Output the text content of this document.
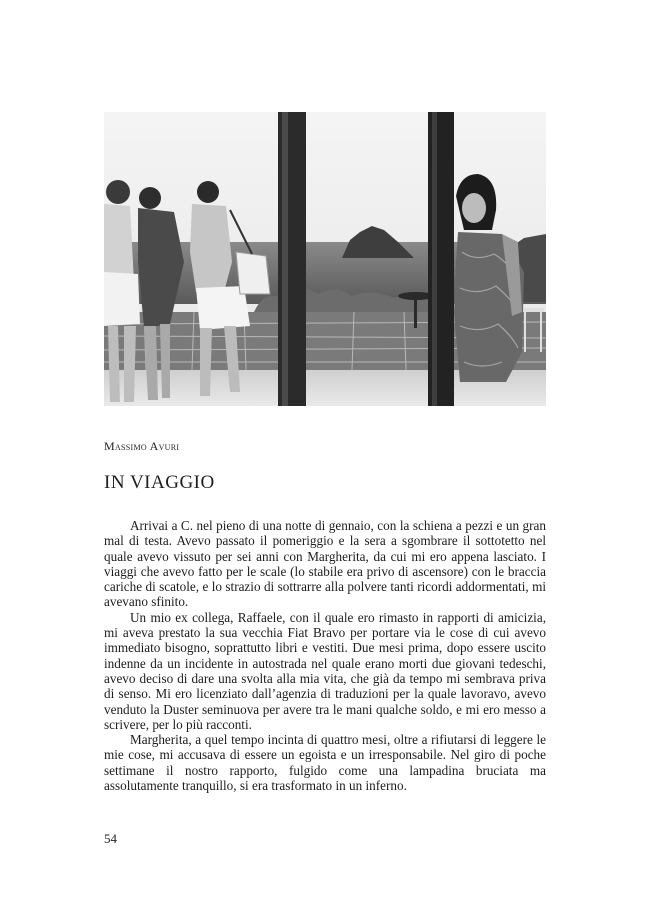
Massimo Avuri
IN VIAGGIO

Arrivai a C. nel pieno di una notte di gennaio, con la schiena a pezzi e un gran mal di testa. Avevo passato il pomeriggio e la sera a sgombrare il sottotetto nel quale avevo vissuto per sei anni con Margherita, da cui mi ero appena lasciato. I viaggi che avevo fatto per le scale (lo stabile era privo di ascensore) con le braccia cariche di scatole, e lo strazio di sottrarre alla polvere tanti ricordi addormentati, mi avevano sfinito.

Un mio ex collega, Raffaele, con il quale ero rimasto in rapporti di amicizia, mi aveva prestato la sua vecchia Fiat Bravo per portare via le cose di cui avevo immediato bisogno, soprattutto libri e vestiti. Due mesi prima, dopo essere uscito indenne da un incidente in autostrada nel quale erano morti due giovani tedeschi, avevo deciso di dare una svolta alla mia vita, che già da tempo mi sembrava priva di senso. Mi ero licenziato dall’agenzia di traduzioni per la quale lavoravo, avevo venduto la Duster seminuova per avere tra le mani qualche soldo, e mi ero messo a scrivere, per lo più racconti.

Margherita, a quel tempo incinta di quattro mesi, oltre a rifiutarsi di leggere le mie cose, mi accusava di essere un egoista e un irresponsabile. Nel giro di poche settimane il nostro rapporto, fulgido come una lampadina bruciata ma assolutamente tranquillo, si era trasformato in un inferno.

54
